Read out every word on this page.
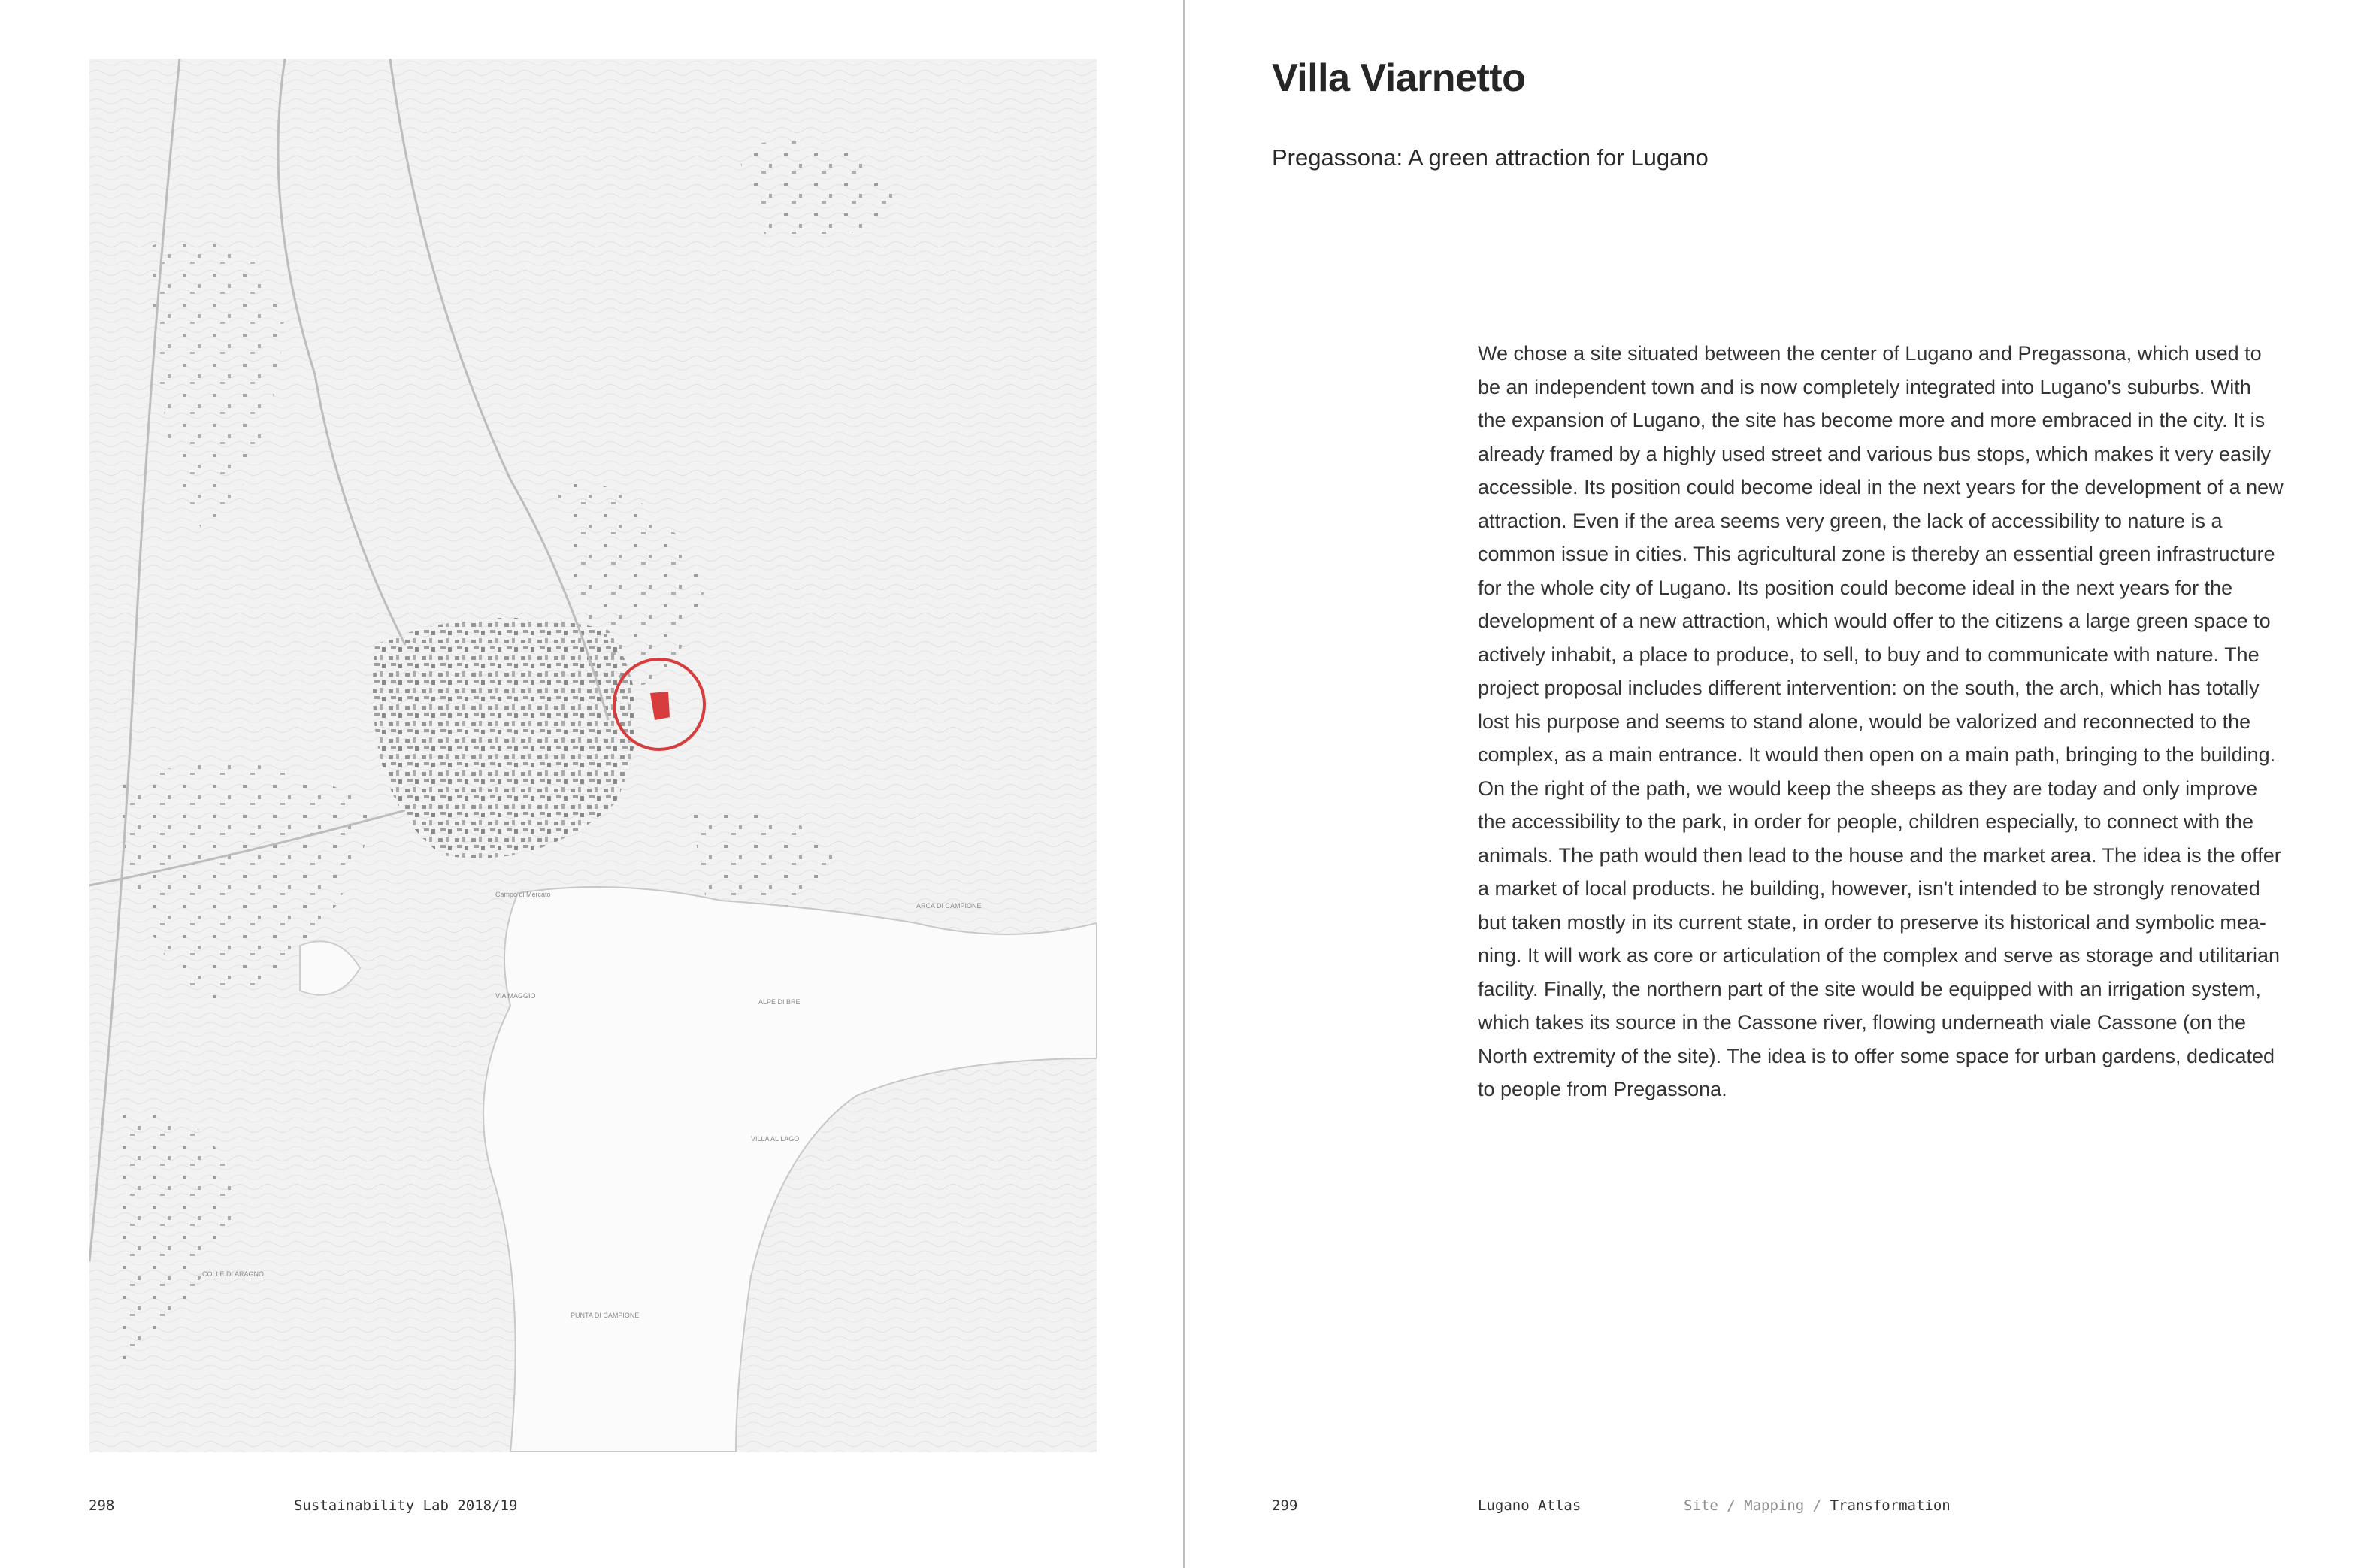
Campo di Mercato
ARCA DI CAMPIONE
ALPE DI BRE
PUNTA DI CAMPIONE
VIA MAGGIO
VILLA AL LAGO
COLLE DI ARAGNO
Villa Viarnetto

Pregassona: A green attraction for Lugano

We chose a site situated between the center of Lugano and Pregassona, which used to be an independent town and is now completely integrated into Lugano's suburbs. With the expansion of Lugano, the site has become more and more embraced in the city. It is already framed by a highly used street and various bus stops, which makes it very easily accessible. Its position could become ideal in the next years for the development of a new attraction. Even if the area seems very green, the lack of accessibility to nature is a common issue in cities. This agricultural zone is thereby an essential green infrastructure for the whole city of Lugano. Its position could become ideal in the next years for the development of a new attraction, which would offer to the citizens a large green space to actively inhabit, a place to produce, to sell, to buy and to communicate with nature. The project proposal includes different intervention: on the south, the arch, which has totally lost his purpose and seems to stand alone, would be valorized and reconnected to the complex, as a main entrance. It would then open on a main path, bringing to the building. On the right of the path, we would keep the sheeps as they are today and only improve the accessibility to the park, in order for people, children especially, to connect with the animals. The path would then lead to the house and the market area. The idea is the offer a market of local products. he building, however, isn't intended to be strongly renovated but taken mostly in its current state, in order to preserve its historical and symbolic mea-ning. It will work as core or articulation of the complex and serve as storage and utilitarian facility. Finally, the northern part of the site would be equipped with an irrigation system, which takes its source in the Cassone river, flowing underneath viale Cassone (on the North extremity of the site). The idea is to offer some space for urban gardens, dedicated to people from Pregassona.

298	Sustainability Lab 2018/19	299	Lugano Atlas	Site / Mapping / Transformation
